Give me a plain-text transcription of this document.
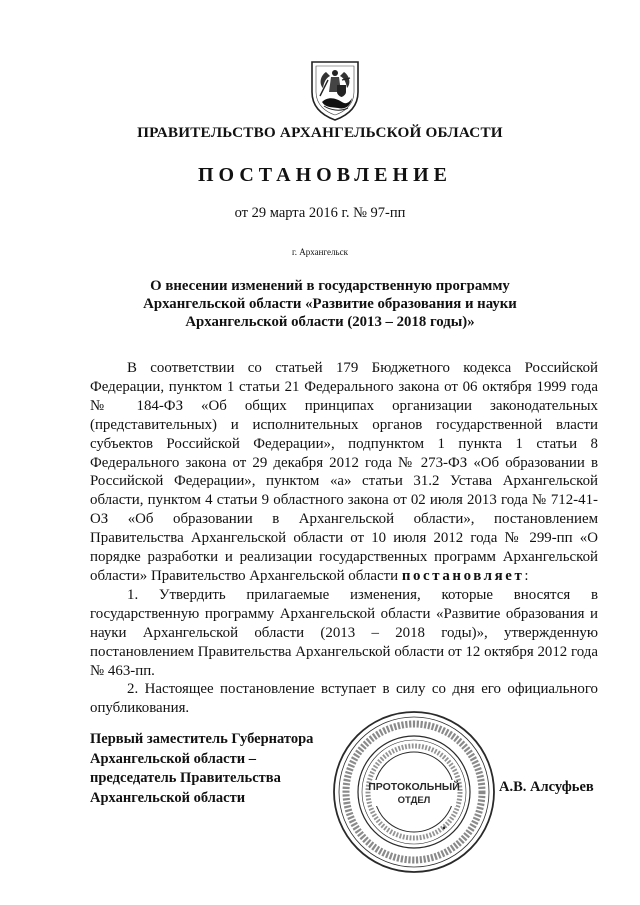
ПРАВИТЕЛЬСТВО АРХАНГЕЛЬСКОЙ ОБЛАСТИ
ПОСТАНОВЛЕНИЕ
от 29 марта 2016 г. № 97-пп
г. Архангельск
О внесении изменений в государственную программу
Архангельской области «Развитие образования и науки
Архангельской области (2013 – 2018 годы)»

В соответствии со статьей 179 Бюджетного кодекса Российской Федерации, пунктом 1 статьи 21 Федерального закона от 06 октября 1999 года № 184-ФЗ «Об общих принципах организации законодательных (представительных) и исполнительных органов государственной власти субъектов Российской Федерации», подпунктом 1 пункта 1 статьи 8 Федерального закона от 29 декабря 2012 года № 273-ФЗ «Об образовании в Российской Федерации», пунктом «а» статьи 31.2 Устава Архангельской области, пунктом 4 статьи 9 областного закона от 02 июля 2013 года № 712-41-ОЗ «Об образовании в Архангельской области», постановлением Правительства Архангельской области от 10 июля 2012 года № 299-пп «О порядке разработки и реализации государственных программ Архангельской области» Правительство Архангельской области постановляет:

1. Утвердить прилагаемые изменения, которые вносятся в государственную программу Архангельской области «Развитие образования и науки Архангельской области (2013 – 2018 годы)», утвержденную постановлением Правительства Архангельской области от 12 октября 2012 года № 463-пп.

2. Настоящее постановление вступает в силу со дня его официального опубликования.

Первый заместитель Губернатора
Архангельской области –
председатель Правительства
Архангельской области
ПРОТОКОЛЬНЫЙ
ОТДЕЛ
·
А.В. Алсуфьев
